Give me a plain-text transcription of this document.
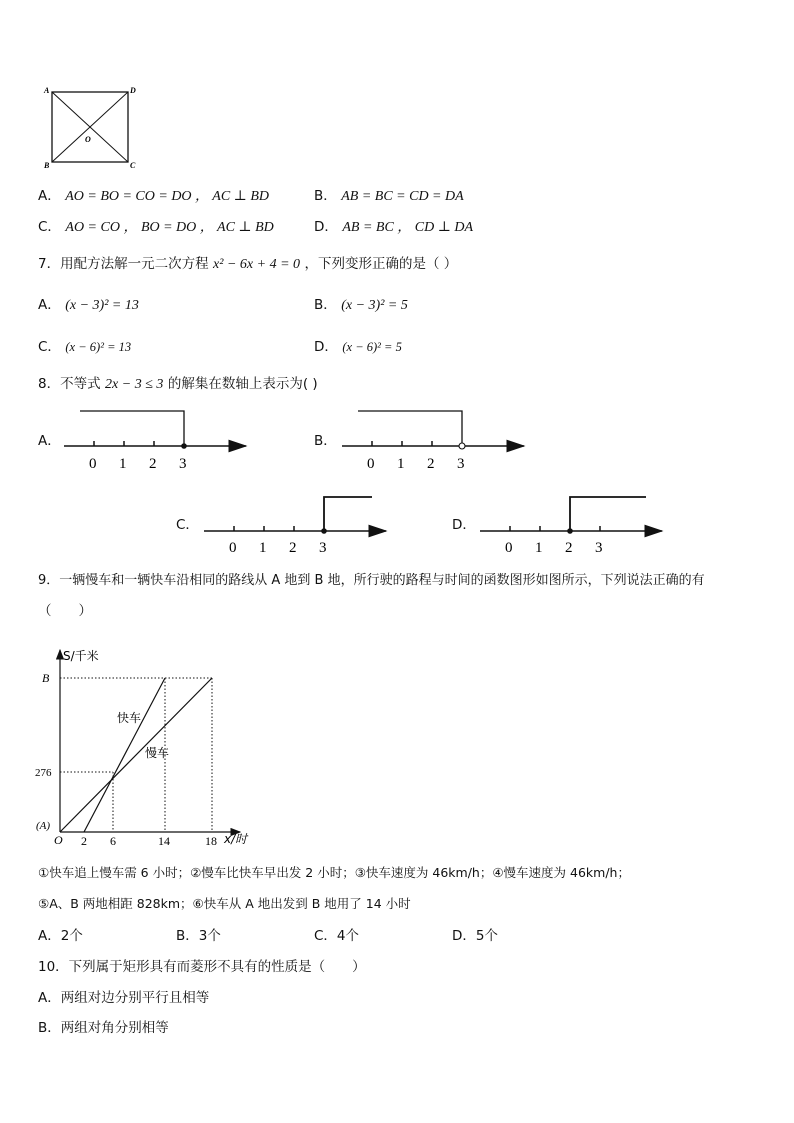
A	D
B	C
O
A． AO = BO = CO = DO ， AC ⊥ BD	B． AB = BC = CD = DA
C． AO = CO ， BO = DO ， AC ⊥ BD	D． AB = BC ， CD ⊥ DA
7．用配方法解一元二次方程 x² − 6x + 4 = 0 ，下列变形正确的是（ ）
A． (x − 3)² = 13	B． (x − 3)² = 5
C． (x − 6)² = 13	D． (x − 6)² = 5
8．不等式 2x − 3 ≤ 3 的解集在数轴上表示为( )
A．
0 1 2 3
B．
0 1 2 3
C．
0 1 2 3
D．
0 1 2 3
9．一辆慢车和一辆快车沿相同的路线从 A 地到 B 地，所行驶的路程与时间的函数图形如图所示，下列说法正确的有
（　　）
S/千米
B
276
(A)
O 2 6	14	18 x/时
快车
慢车
①快车追上慢车需 6 小时；②慢车比快车早出发 2 小时；③快车速度为 46km/h；④慢车速度为 46km/h；
⑤A、B 两地相距 828km；⑥快车从 A 地出发到 B 地用了 14 小时
A．2个	B．3个	C．4个	D．5个
10．下列属于矩形具有而菱形不具有的性质是（　　）
A．两组对边分别平行且相等
B．两组对角分别相等
